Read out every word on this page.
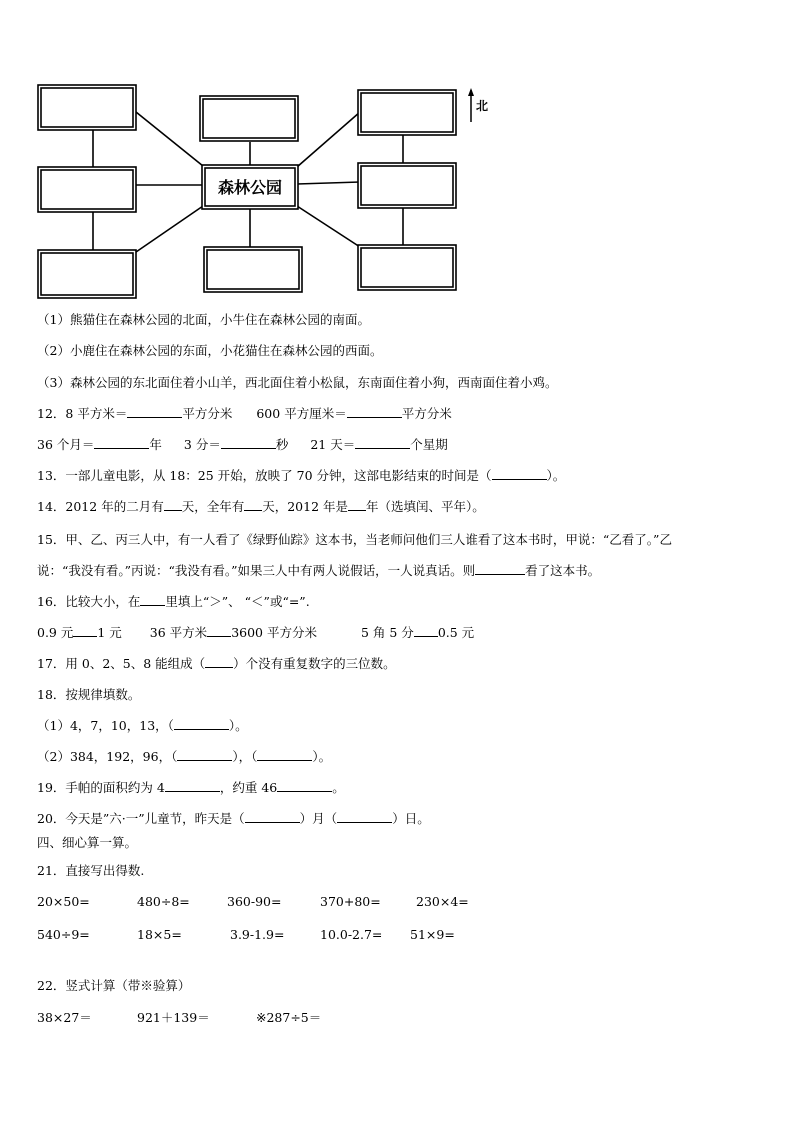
森林公园
北
（1）熊猫住在森林公园的北面，小牛住在森林公园的南面。
（2）小鹿住在森林公园的东面，小花猫住在森林公园的西面。
（3）森林公园的东北面住着小山羊，西北面住着小松鼠，东南面住着小狗，西南面住着小鸡。
12．8 平方米＝	平方分米 600 平方厘米＝	平方分米
36 个月＝	年 3 分＝	秒 21 天＝	个星期
13．一部儿童电影，从 18：25 开始，放映了 70 分钟，这部电影结束的时间是（	）。
14．2012 年的二月有 天，全年有 天，2012 年是 年（选填闰、平年）。
15．甲、乙、丙三人中，有一人看了《绿野仙踪》这本书，当老师问他们三人谁看了这本书时，甲说：“乙看了。”乙
说：“我没有看。”丙说：“我没有看。”如果三人中有两人说假话，一人说真话。则	看了这本书。
16．比较大小，在 里填上“＞”、 “＜”或“=”.
0.9 元 1 元 36 平方米 3600 平方分米	5 角 5 分 0.5 元
17．用 0、2、5、8 能组成（ ）个没有重复数字的三位数。
18．按规律填数。
（1）4，7，10，13，（	）。
（2）384，192，96，（	），（	）。
19．手帕的面积约为 4	，约重 46	。
20．今天是”六·一”儿童节，昨天是（	）月（	）日。
四、细心算一算。
21．直接写出得数.
20×50=	480÷8=	360-90=	370+80=	230×4=
540÷9=	18×5=	3.9-1.9=	10.0-2.7= 51×9=
22．竖式计算（带※验算）
38×27＝	921＋139＝	※287÷5＝
